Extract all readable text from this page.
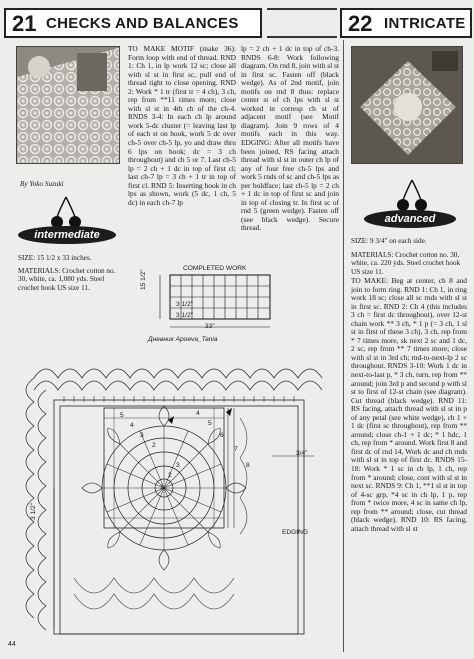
21 CHECKS AND BALANCES	22 INTRICATE
By Yoko Suzuki
intermediate
SIZE: 15 1/2 x 33 inches.
MATERIALS: Crochet cotton no. 30, white, ca. 1,080 yds. Steel crochet hook US size 11.
TO MAKE MOTIF (make 36): Form loop with end of thread. RND 1: Ch 1, in lp work 12 sc; close all with sl st in first sc, pull end of thread tight to close opening. RND 2: Work * 1 tr (first tr = 4 ch), 3 ch, rep from **11 times more; close with sl st in 4th ch of the ch-4. RNDS 3-4: In each ch lp around work 5-dc cluster (= leaving last lp of each st on hook, work 5 dc over ch-5 over ch-5 lp, yo and draw thru 6 lps on hook; dc = 3 ch throughout) and ch 5 or 7. Last ch-5 lp = 2 ch + 1 dc in top of first cl; last ch-7 lp = 3 ch + 1 tr in top of first cl. RND 5: Inserting hook in ch lps as shown, work (5 dc, 1 ch, 5 dc) in each ch-7 lp
lp = 2 ch + 1 dc in top of ch-3. RNDS 6-8: Work following diagram. On rnd 8, join with sl st in first sc. Fasten off (black wedge). As of 2nd motif, join motifs on rnd 8 thus: replace center st of ch lps with sl st worked in corresp ch st of adjacent motif (see Motif diagram). Join 9 rows of 4 motifs each in this way. EDGING: After all motifs have been joined, RS facing attach thread with sl st in outer ch lp of any of four free ch-5 lps and work 5 rnds of sc and ch-5 lps as per boldface; last ch-5 lp = 2 ch + 1 dc in top of first sc and join in top of closing tr. In first sc of rnd 5 (green wedge). Fasten off (see black wedge). Secure thread.
COMPLETED WORK
15 1/2"
33"
3 1/2"
3 1/2"
Дневник Ароеva_Tania
5
4
3
2
1
2
3
4
5
6
7
8
3 1/2"
3/4"
EDGING
44
advanced
SIZE: 9 3/4" on each side.
MATERIALS: Crochet cotton no. 30, white, ca. 220 yds. Steel crochet hook US size 11.
TO MAKE: Beg at center, ch 8 and join to form ring. RND 1: Ch 1, in ring work 18 sc; close all sc rnds with sl st in first sc. RND 2: Ch 4 (this includes 3 ch = first dc throughout), over 12-st chain work ** 3 ch, * 1 p (= 3 ch, 1 sl st in first of these 3 ch), 3 ch, rep from * 7 times more, sk next 2 sc and 1 dc, 2 sc, rep from ** 7 times more; close with sl st in 3rd ch; rnd-to-next-lp 2 sc throughout. RNDS 3-10: Work 1 dc in next-to-last p, * 3 ch, turn, rep from ** around; join 3rd p and second p with sl st to first of 12-st chain (see diagram). Cut thread (black wedge). RND 11: RS facing, attach thread with sl st in p of any petal (see white wedge), ch 1 + 1 dc (first sc throughout), rep from ** around; close ch-1 + 1 dc; * 1 hdc, 1 ch, rep from * around. Work first 8 and first dc of rnd 14, Work dc and ch rnds with sl st in top of first dc. RNDS 15-18: Work * 1 sc in ch lp, 1 ch, rep from * around; close, cont with sl st in next sc. RNDS 9: Ch 1, **1 sl st in top of 4-sc grp, *4 sc in ch lp, 1 p, rep from * twice more, 4 sc in same ch lp, rep from ** around; close, cut thread (black wedge). RND 10: RS facing, attach thread with sl st
